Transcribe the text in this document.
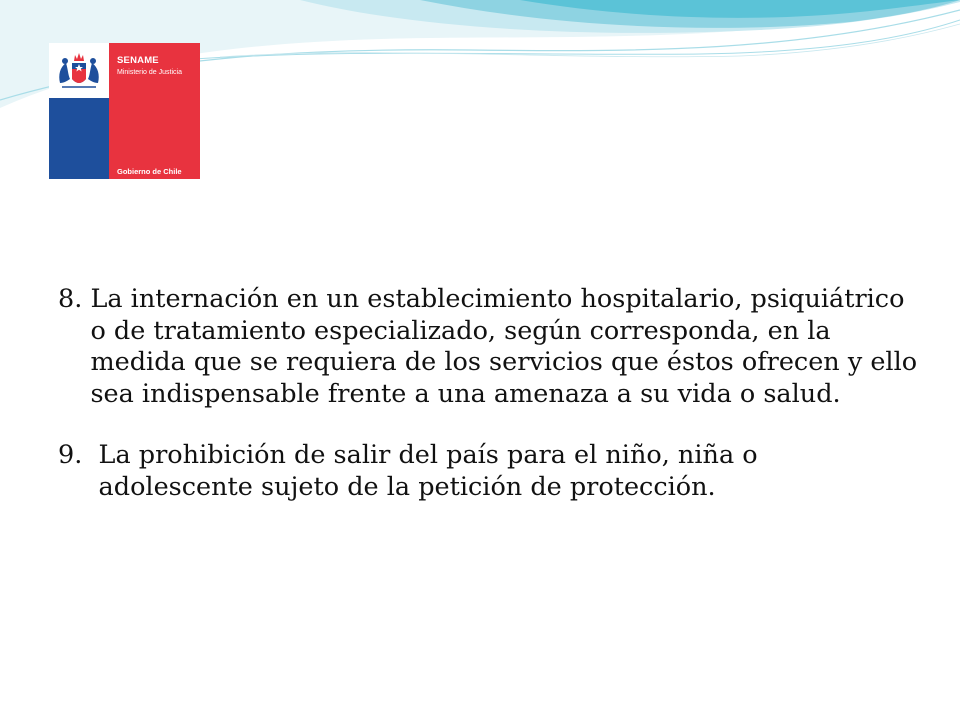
SENAME
Ministerio de Justicia
Gobierno de Chile

8. La internación en un establecimiento hospitalario, psiquiátrico o de tratamiento especializado, según corresponda, en la medida que se requiera de los servicios que éstos ofrecen y ello sea indispensable frente a una amenaza a su vida o salud.

9. La prohibición de salir del país para el niño, niña o adolescente sujeto de la petición de protección.
